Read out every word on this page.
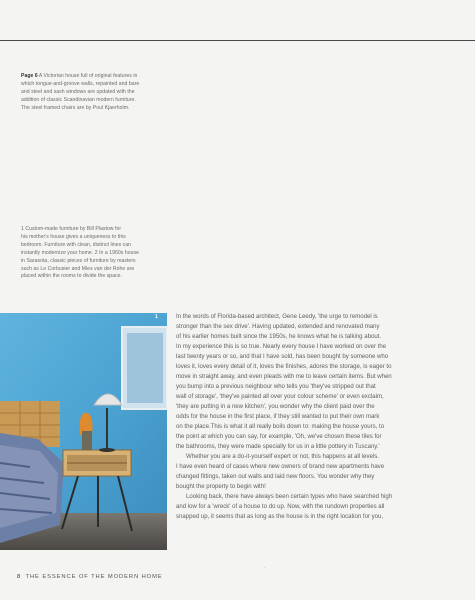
Page 6 A Victorian house full of original features in
which tongue-and-groove walls, repainted and bare
and steel and sash windows are updated with the
addition of classic Scandinavian modern furniture.
The steel framed chairs are by Poul Kjaerholm.
1 Custom-made furniture by Bill Plastow for
his mother's house gives a uniqueness to this
bedroom. Furniture with clean, distinct lines can
instantly modernize your home. 2 In a 1960s house
in Sarasota, classic pieces of furniture by masters
such as Le Corbusier and Mies van der Rohe are
placed within the rooms to divide the space.
1	In the words of Florida-based architect, Gene Leedy, 'the urge to remodel is
stronger than the sex drive'. Having updated, extended and renovated many
of his earlier homes built since the 1950s, he knows what he is talking about.
In my experience this is so true. Nearly every house I have worked on over the
last twenty years or so, and that I have sold, has been bought by someone who
loves it, loves every detail of it, loves the finishes, adores the storage, is eager to
move in straight away, and even pleads with me to leave certain items. But when
you bump into a previous neighbour who tells you 'they've stripped out that
wall of storage', 'they've painted all over your colour scheme' or even exclaim,
'they are putting in a new kitchen', you wonder why the client paid over the
odds for the house in the first place, if they still wanted to put their own mark
on the place.This is what it all really boils down to: making the house yours, to
the point at which you can say, for example, 'Oh, we've chosen these tiles for
the bathrooms, they were made specially for us in a little pottery in Tuscany.'

Whether you are a do-it-yourself expert or not, this happens at all levels.
I have even heard of cases where new owners of brand new apartments have
changed fittings, taken out walls and laid new floors. You wonder why they
bought the property to begin with!

Looking back, there have always been certain types who have searched high
and low for a 'wreck' of a house to do up. Now, with the rundown properties all
snapped up, it seems that as long as the house is in the right location for you,

·
8 THE ESSENCE OF THE MODERN HOME
